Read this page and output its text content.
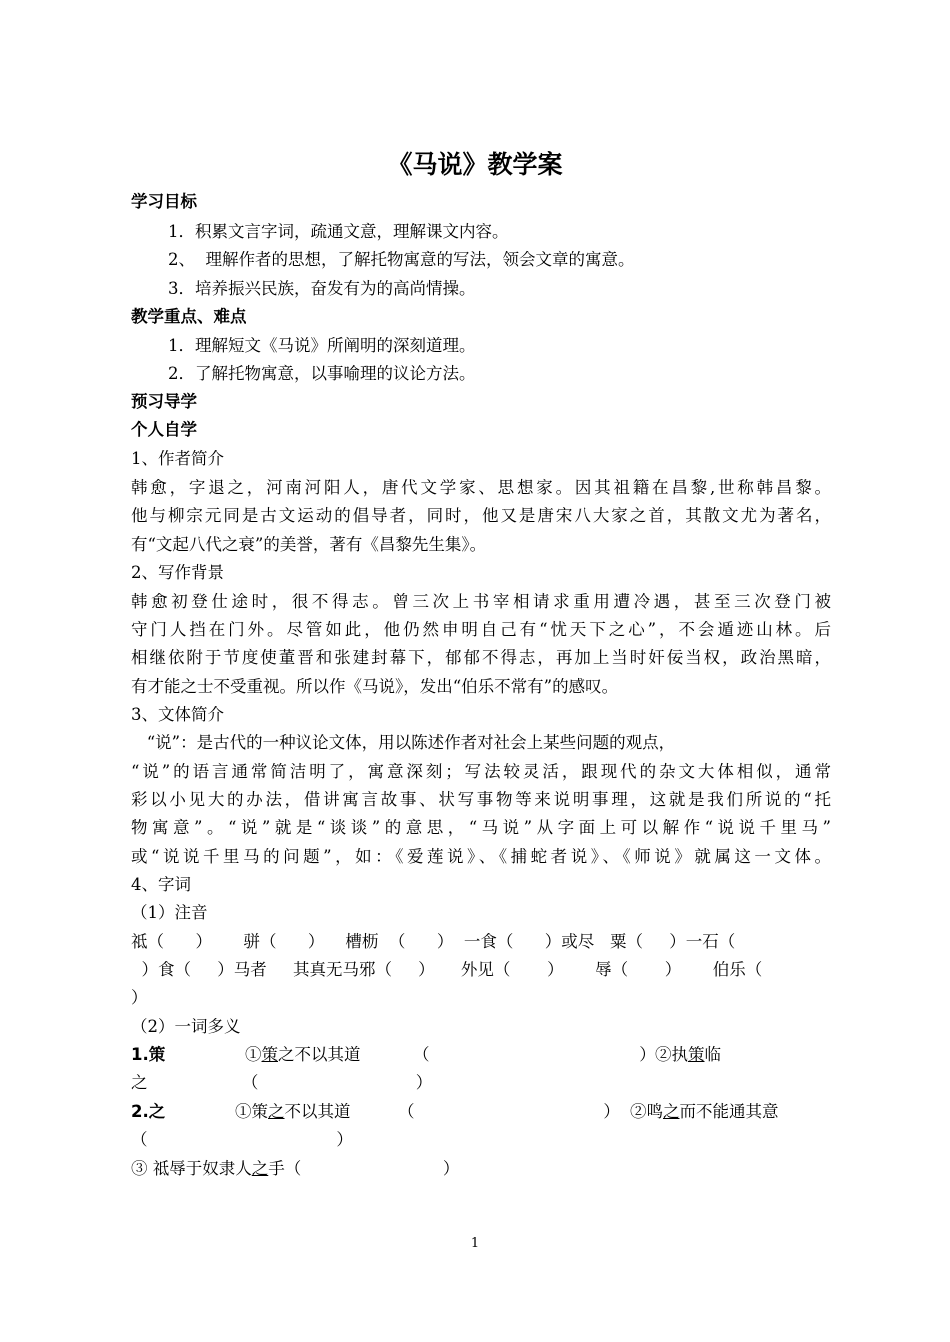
《马说》教学案
学习目标
1．积累文言字词，疏通文意，理解课文内容。
2、  理解作者的思想，了解托物寓意的写法，领会文章的寓意。
3．培养振兴民族，奋发有为的高尚情操。
教学重点、难点
1．理解短文《马说》所阐明的深刻道理。
2．了解托物寓意，以事喻理的议论方法。
预习导学
个人自学
1、作者简介
韩愈，字退之，河南河阳人，唐代文学家、思想家。因其祖籍在昌黎,世称韩昌黎。
他与柳宗元同是古文运动的倡导者，同时，他又是唐宋八大家之首，其散文尤为著名，
有“文起八代之衰”的美誉，著有《昌黎先生集》。
2、写作背景
韩愈初登仕途时，很不得志。曾三次上书宰相请求重用遭冷遇，甚至三次登门被
守门人挡在门外。尽管如此，他仍然申明自己有“忧天下之心”，不会遁迹山林。后
相继依附于节度使董晋和张建封幕下，郁郁不得志，再加上当时奸佞当权，政治黑暗，
有才能之士不受重视。所以作《马说》，发出“伯乐不常有”的感叹。
3、文体简介
“说”：是古代的一种议论文体，用以陈述作者对社会上某些问题的观点，
“说”的语言通常简洁明了，寓意深刻；写法较灵活，跟现代的杂文大体相似，通常
彩以小见大的办法，借讲寓言故事、状写事物等来说明事理，这就是我们所说的“托
物寓意”。“说”就是“谈谈”的意思，“马说”从字面上可以解作“说说千里马”
或“说说千里马的问题”，如：《爱莲说》、《捕蛇者说》、《师说》就属这一文体。
4、字词
（1）注音
祗（      ）      骈（      ）    槽枥  （      ）  一食（      ）或尽   粟（     ）一石（
）食（     ）马者     其真无马邪（     ）     外见（       ）      辱（       ）      伯乐（
）
（2）一词多义
1.策	①策之不以其道	（                                        ） ②执策临
之                  （                              ）
2.之	①策之不以其道	（                                    ） ②鸣之而不能通其意
（                                    ）
③ 祗辱于奴隶人之手（                           ）
1
